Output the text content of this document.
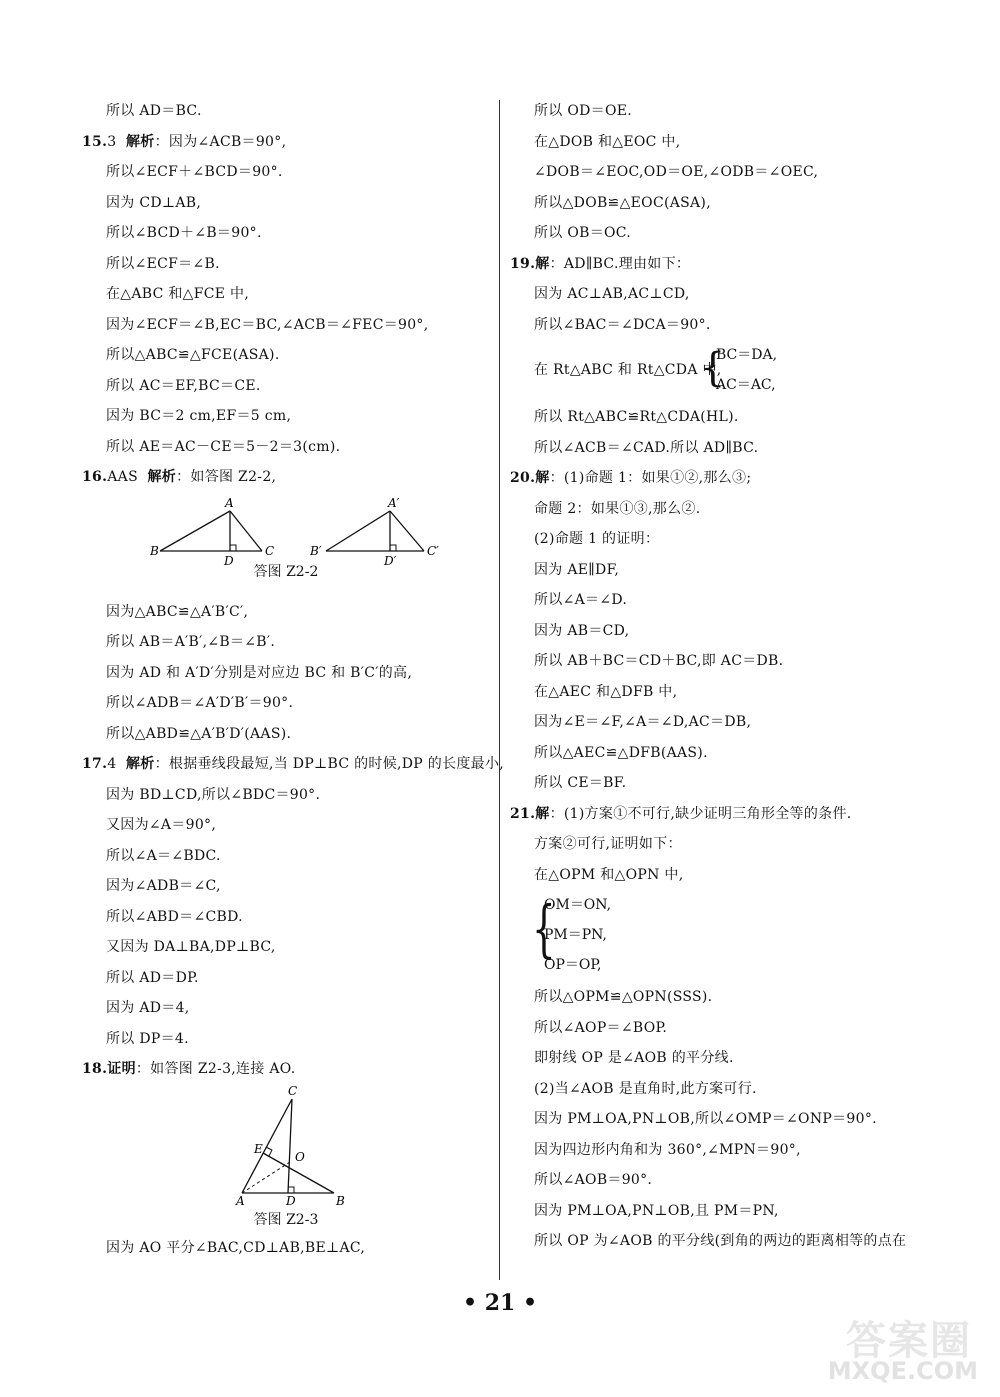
所以 AD＝BC.
15.3 解析：因为∠ACB＝90°,
所以∠ECF＋∠BCD＝90°.
因为 CD⊥AB,
所以∠BCD＋∠B＝90°.
所以∠ECF＝∠B.
在△ABC 和△FCE 中,
因为∠ECF＝∠B,EC＝BC,∠ACB＝∠FEC＝90°,
所以△ABC≌△FCE(ASA).
所以 AC＝EF,BC＝CE.
因为 BC＝2 cm,EF＝5 cm,
所以 AE＝AC－CE＝5－2＝3(cm).
16.AAS 解析：如答图 Z2-2,
A
B	C
D
A′
B′	C′
D′
答图 Z2-2
因为△ABC≌△A′B′C′,
所以 AB＝A′B′,∠B＝∠B′.
因为 AD 和 A′D′分别是对应边 BC 和 B′C′的高,
所以∠ADB＝∠A′D′B′＝90°.
所以△ABD≌△A′B′D′(AAS).
17.4 解析：根据垂线段最短,当 DP⊥BC 的时候,DP 的长度最小,
因为 BD⊥CD,所以∠BDC＝90°.
又因为∠A＝90°,
所以∠A＝∠BDC.
因为∠ADB＝∠C,
所以∠ABD＝∠CBD.
又因为 DA⊥BA,DP⊥BC,
所以 AD＝DP.
因为 AD＝4,
所以 DP＝4.
18.证明：如答图 Z2-3,连接 AO.
C
E
O
A	D	B
答图 Z2-3
因为 AO 平分∠BAC,CD⊥AB,BE⊥AC,
所以 OD＝OE.
在△DOB 和△EOC 中,
∠DOB＝∠EOC,OD＝OE,∠ODB＝∠OEC,
所以△DOB≌△EOC(ASA),
所以 OB＝OC.
19.解：AD∥BC.理由如下：
因为 AC⊥AB,AC⊥CD,
所以∠BAC＝∠DCA＝90°.
在 Rt△ABC 和 Rt△CDA 中,
{
BC＝DA,
AC＝AC,
所以 Rt△ABC≌Rt△CDA(HL).
所以∠ACB＝∠CAD.所以 AD∥BC.
20.解：(1)命题 1：如果①②,那么③;
命题 2：如果①③,那么②.
(2)命题 1 的证明：
因为 AE∥DF,
所以∠A＝∠D.
因为 AB＝CD,
所以 AB＋BC＝CD＋BC,即 AC＝DB.
在△AEC 和△DFB 中,
因为∠E＝∠F,∠A＝∠D,AC＝DB,
所以△AEC≌△DFB(AAS).
所以 CE＝BF.
21.解：(1)方案①不可行,缺少证明三角形全等的条件.
方案②可行,证明如下：
在△OPM 和△OPN 中,
{
OM＝ON,
PM＝PN,
OP＝OP,
所以△OPM≌△OPN(SSS).
所以∠AOP＝∠BOP.
即射线 OP 是∠AOB 的平分线.
(2)当∠AOB 是直角时,此方案可行.
因为 PM⊥OA,PN⊥OB,所以∠OMP＝∠ONP＝90°.
因为四边形内角和为 360°,∠MPN＝90°,
所以∠AOB＝90°.
因为 PM⊥OA,PN⊥OB,且 PM＝PN,
所以 OP 为∠AOB 的平分线(到角的两边的距离相等的点在
• 21 •
答案圈
MXQE.COM
